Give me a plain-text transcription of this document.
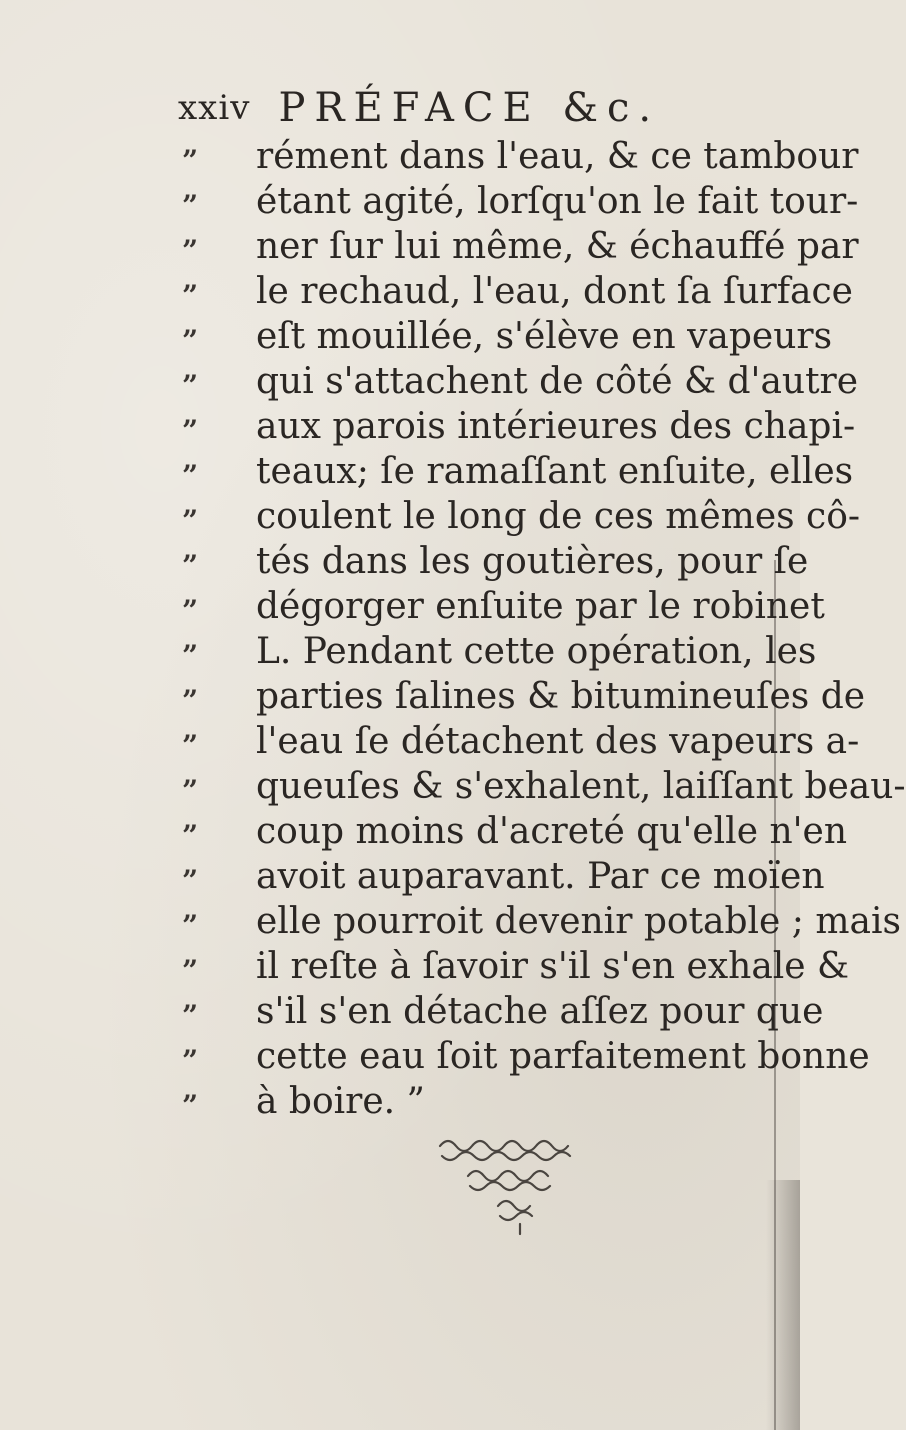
xxiv PRÉFACE &c.
”
”
”
”
”
”
”
”
”
”
”
”
”
”
”
”
”
”
”
”
”
”
rément dans l'eau, & ce tambour
étant agité, lorſqu'on le fait tour-
ner ſur lui même, & échauffé par
le rechaud, l'eau, dont ſa ſurface
eſt mouillée, s'élève en vapeurs
qui s'attachent de côté & d'autre
aux parois intérieures des chapi-
teaux; ſe ramaſſant enſuite, elles
coulent le long de ces mêmes cô-
tés dans les goutières, pour ſe
dégorger enſuite par le robinet
L. Pendant cette opération, les
parties ſalines & bitumineuſes de
l'eau ſe détachent des vapeurs a-
queuſes & s'exhalent, laiſſant beau-
coup moins d'acreté qu'elle n'en
avoit auparavant. Par ce moïen
elle pourroit devenir potable ; mais
il reſte à ſavoir s'il s'en exhale &
s'il s'en détache aſſez pour que
cette eau ſoit parfaitement bonne
à boire. ”
